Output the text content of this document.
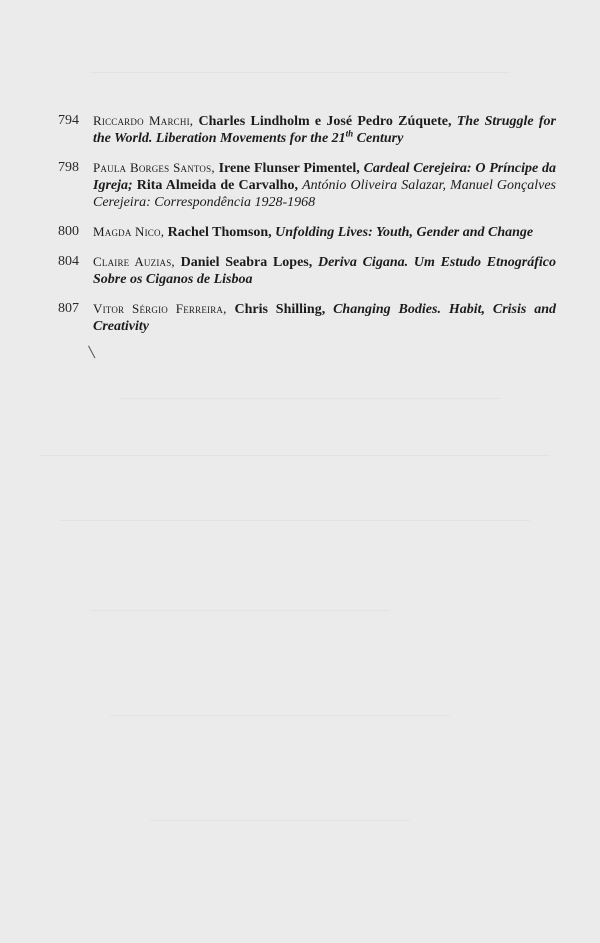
794	Riccardo Marchi, Charles Lindholm e José Pedro Zúquete, The Struggle for the World. Liberation Movements for the 21th Century
798	Paula Borges Santos, Irene Flunser Pimentel, Cardeal Cerejeira: O Príncipe da Igreja; Rita Almeida de Carvalho, António Oliveira Salazar, Manuel Gonçalves Cerejeira: Correspondência 1928-1968
800	Magda Nico, Rachel Thomson, Unfolding Lives: Youth, Gender and Change
804	Claire Auzias, Daniel Seabra Lopes, Deriva Cigana. Um Estudo Etnográfico Sobre os Ciganos de Lisboa
807	Vitor Sérgio Ferreira, Chris Shilling, Changing Bodies. Habit, Crisis and Creativity
